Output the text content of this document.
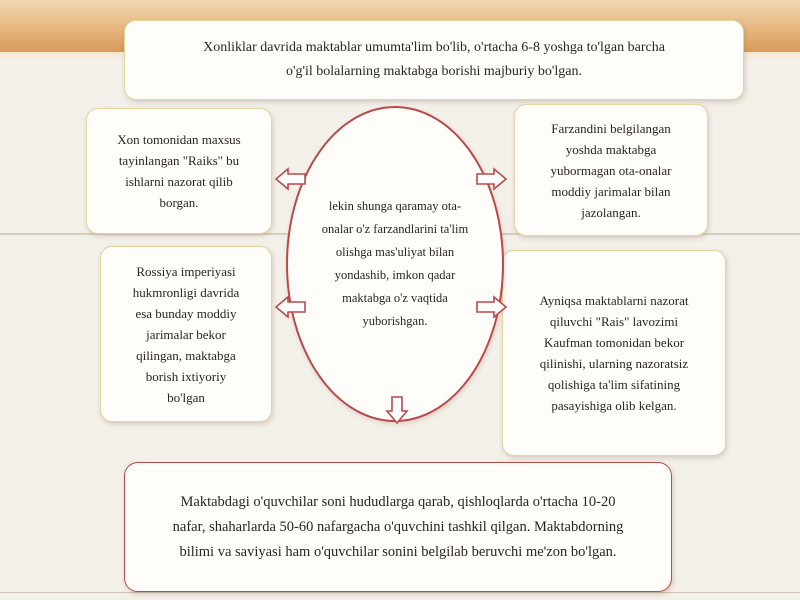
Xonliklar davrida maktablar umumta'lim bo'lib, o'rtacha 6-8 yoshga to'lgan barcha
o'g'il bolalarning maktabga borishi majburiy bo'lgan.
Xon tomonidan maxsus
tayinlangan "Raiks" bu
ishlarni nazorat qilib
borgan.
Rossiya imperiyasi
hukmronligi davrida
esa bunday moddiy
jarimalar bekor
qilingan, maktabga
borish ixtiyoriy
bo'lgan
Farzandini belgilangan
yoshda maktabga
yubormagan ota-onalar
moddiy jarimalar bilan
jazolangan.
Ayniqsa maktablarni nazorat
qiluvchi "Rais" lavozimi
Kaufman tomonidan bekor
qilinishi, ularning nazoratsiz
qolishiga ta'lim sifatining
pasayishiga olib kelgan.
lekin shunga qaramay ota-onalar o'z farzandlarini ta'lim olishga mas'uliyat bilan yondashib, imkon qadar maktabga o'z vaqtida yuborishgan.
Maktabdagi o'quvchilar soni hududlarga qarab, qishloqlarda o'rtacha 10-20
nafar, shaharlarda 50-60 nafargacha o'quvchini tashkil qilgan. Maktabdorning
bilimi va saviyasi ham o'quvchilar sonini belgilab beruvchi me'zon bo'lgan.
